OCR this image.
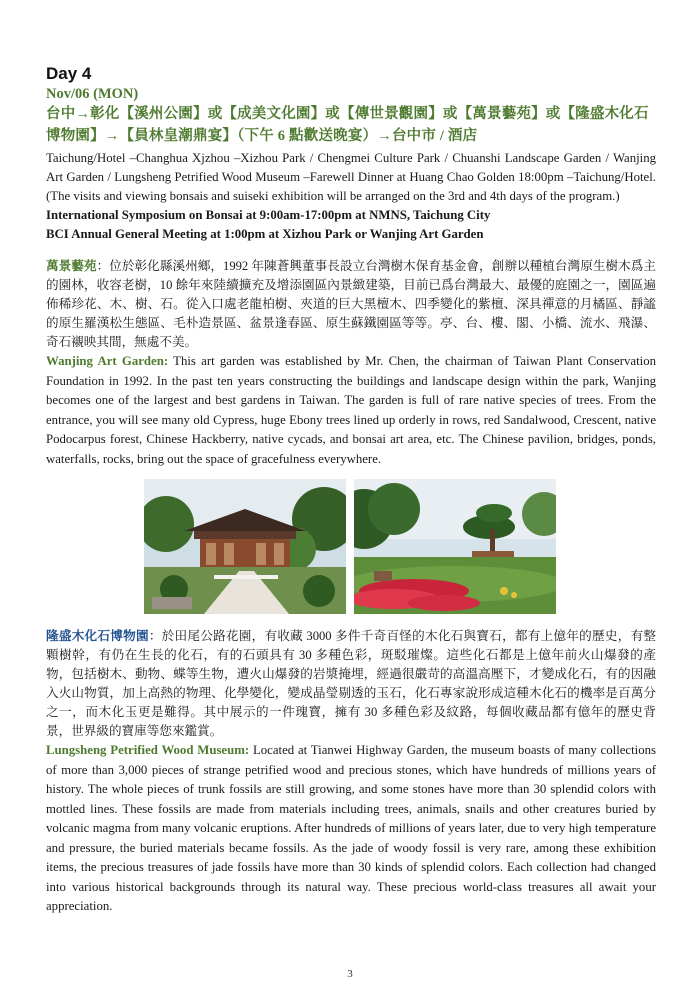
Day 4
Nov/06 (MON)
台中→彰化【溪州公園】或【成美文化園】或【傳世景觀園】或【萬景藝苑】或【隆盛木化石博物園】→【員林皇潮鼎宴】（下午 6 點歡送晚宴）→台中市 / 酒店
Taichung/Hotel –Changhua Xjzhou –Xizhou Park / Chengmei Culture Park / Chuanshi Landscape Garden / Wanjing Art Garden / Lungsheng Petrified Wood Museum –Farewell Dinner at Huang Chao Golden 18:00pm –Taichung/Hotel. (The visits and viewing bonsais and suiseki exhibition will be arranged on the 3rd and 4th days of the program.)
International Symposium on Bonsai at 9:00am-17:00pm at NMNS, Taichung City
BCI Annual General Meeting at 1:00pm at Xizhou Park or Wanjing Art Garden
萬景藝苑：位於彰化縣溪州鄉，1992 年陳蒼興董事長設立台灣樹木保育基金會，創辦以種植台灣原生樹木爲主的園林，收容老樹，10 餘年來陸續擴充及增添園區內景緻建築，目前已爲台灣最大、最優的庭園之一，園區遍佈稀珍花、木、樹、石。從入口處老龍柏樹、夾道的巨大黑檀木、四季變化的紫檀、深具禪意的月橘區、靜謐的原生羅漢松生態區、毛朴造景區、盆景逢春區、原生蘇鐵園區等等。亭、台、樓、閣、小橋、流水、飛瀑、奇石襯映其間，無處不美。
Wanjing Art Garden: This art garden was established by Mr. Chen, the chairman of Taiwan Plant Conservation Foundation in 1992. In the past ten years constructing the buildings and landscape design within the park, Wanjing becomes one of the largest and best gardens in Taiwan. The garden is full of rare native species of trees. From the entrance, you will see many old Cypress, huge Ebony trees lined up orderly in rows, red Sandalwood, Crescent, native Podocarpus forest, Chinese Hackberry, native cycads, and bonsai art area, etc. The Chinese pavilion, bridges, ponds, waterfalls, rocks, bring out the space of gracefulness everywhere.
隆盛木化石博物園：於田尾公路花園，有收藏 3000 多件千奇百怪的木化石與寶石，都有上億年的歷史，有整顆樹幹，有仍在生長的化石，有的石頭具有 30 多種色彩，斑駁璀燦。這些化石都是上億年前火山爆發的產物，包括樹木、動物、蝶等生物，遭火山爆發的岩漿掩埋，經過很嚴苛的高溫高壓下，才變成化石，有的因融入火山物質，加上高熱的物理、化學變化，變成晶瑩剔透的玉石，化石專家說形成這種木化石的機率是百萬分之一，而木化玉更是難得。其中展示的一件瑰寶，擁有 30 多種色彩及紋路，每個收藏品都有億年的歷史背景，世界級的寶庫等您來鑑賞。
Lungsheng Petrified Wood Museum: Located at Tianwei Highway Garden, the museum boasts of many collections of more than 3,000 pieces of strange petrified wood and precious stones, which have hundreds of millions years of history. The whole pieces of trunk fossils are still growing, and some stones have more than 30 splendid colors with mottled lines. These fossils are made from materials including trees, animals, snails and other creatures buried by volcanic magma from many volcanic eruptions. After hundreds of millions of years later, due to very high temperature and pressure, the buried materials became fossils. As the jade of woody fossil is very rare, among these exhibition items, the precious treasures of jade fossils have more than 30 kinds of splendid colors. Each collection had changed into various historical backgrounds through its natural way. These precious world-class treasures all await your appreciation.
3
